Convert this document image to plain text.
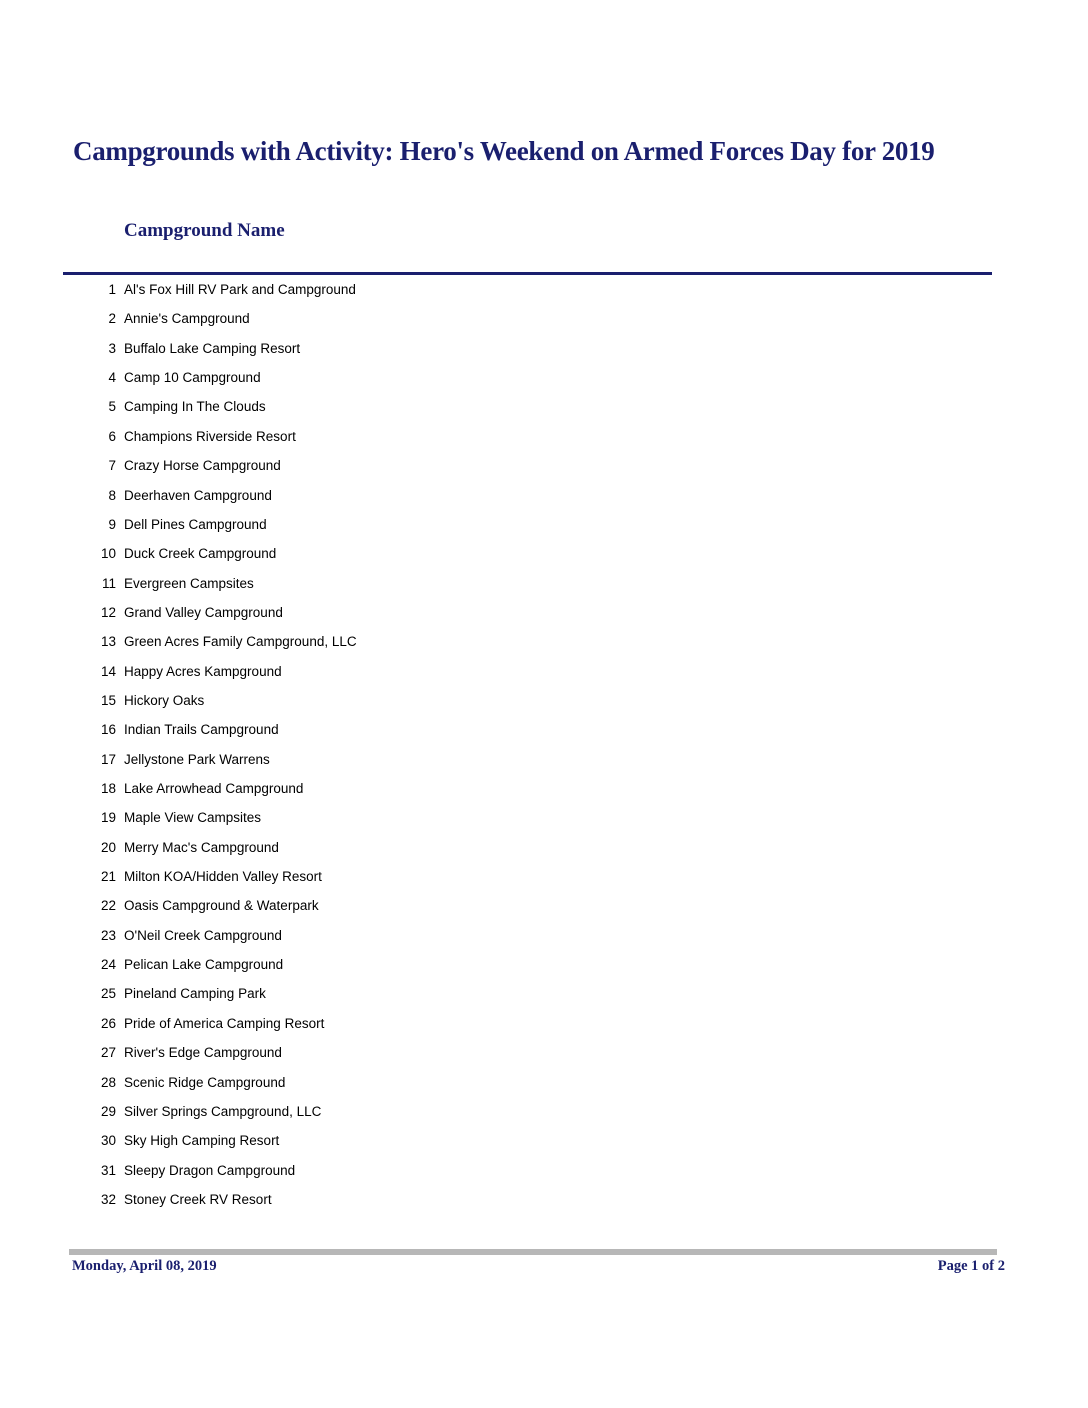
Campgrounds with Activity: Hero's Weekend on Armed Forces Day for 2019
Campground Name
1 Al's Fox Hill RV Park and Campground
2 Annie's Campground
3 Buffalo Lake Camping Resort
4 Camp 10 Campground
5 Camping In The Clouds
6 Champions Riverside Resort
7 Crazy Horse Campground
8 Deerhaven Campground
9 Dell Pines Campground
10 Duck Creek Campground
11 Evergreen Campsites
12 Grand Valley Campground
13 Green Acres Family Campground, LLC
14 Happy Acres Kampground
15 Hickory Oaks
16 Indian Trails Campground
17 Jellystone Park Warrens
18 Lake Arrowhead Campground
19 Maple View Campsites
20 Merry Mac's Campground
21 Milton KOA/Hidden Valley Resort
22 Oasis Campground & Waterpark
23 O'Neil Creek Campground
24 Pelican Lake Campground
25 Pineland Camping Park
26 Pride of America Camping Resort
27 River's Edge Campground
28 Scenic Ridge Campground
29 Silver Springs Campground, LLC
30 Sky High Camping Resort
31 Sleepy Dragon Campground
32 Stoney Creek RV Resort
Monday, April 08, 2019	Page 1 of 2
